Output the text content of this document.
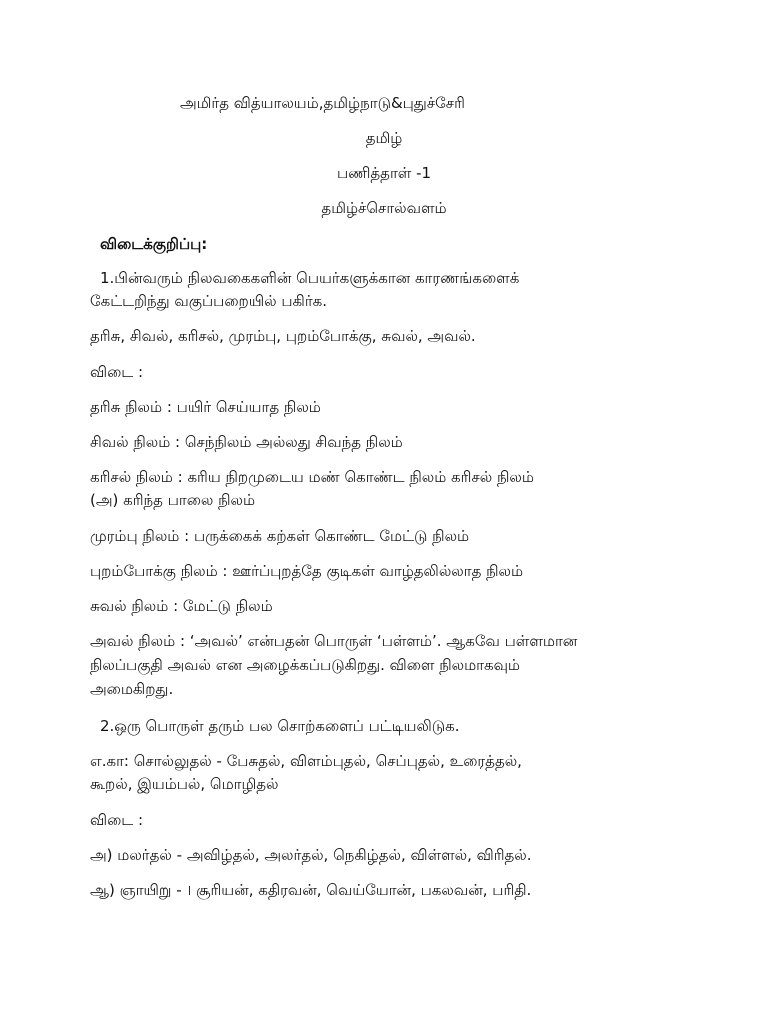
அமிர்த வித்யாலயம்,தமிழ்நாடு&புதுச்சேரி
தமிழ்
பணித்தாள் -1
தமிழ்ச்சொல்வளம்
விடைக்குறிப்பு:
1.பின்வரும் நிலவகைகளின் பெயர்களுக்கான காரணங்களைக்
கேட்டறிந்து வகுப்பறையில் பகிர்க.
தரிசு, சிவல், கரிசல், முரம்பு, புறம்போக்கு, சுவல், அவல்.
விடை :
தரிசு நிலம் : பயிர் செய்யாத நிலம்
சிவல் நிலம் : செந்நிலம் அல்லது சிவந்த நிலம்
கரிசல் நிலம் : கரிய நிறமுடைய மண் கொண்ட நிலம் கரிசல் நிலம்
(அ) கரிந்த பாலை நிலம்
முரம்பு நிலம் : பருக்கைக் கற்கள் கொண்ட மேட்டு நிலம்
புறம்போக்கு நிலம் : ஊர்ப்புறத்தே குடிகள் வாழ்தலில்லாத நிலம்
சுவல் நிலம் : மேட்டு நிலம்
அவல் நிலம் : ‘அவல்’ என்பதன் பொருள் ‘பள்ளம்’. ஆகவே பள்ளமான
நிலப்பகுதி அவல் என அழைக்கப்படுகிறது. விளை நிலமாகவும்
அமைகிறது.
2.ஒரு பொருள் தரும் பல சொற்களைப் பட்டியலிடுக.
எ.கா: சொல்லுதல் - பேசுதல், விளம்புதல், செப்புதல், உரைத்தல்,
கூறல், இயம்பல், மொழிதல்
விடை :
அ) மலர்தல் - அவிழ்தல், அலர்தல், நெகிழ்தல், விள்ளல், விரிதல்.
ஆ) ஞாயிறு - । சூரியன், கதிரவன், வெய்யோன், பகலவன், பரிதி.
